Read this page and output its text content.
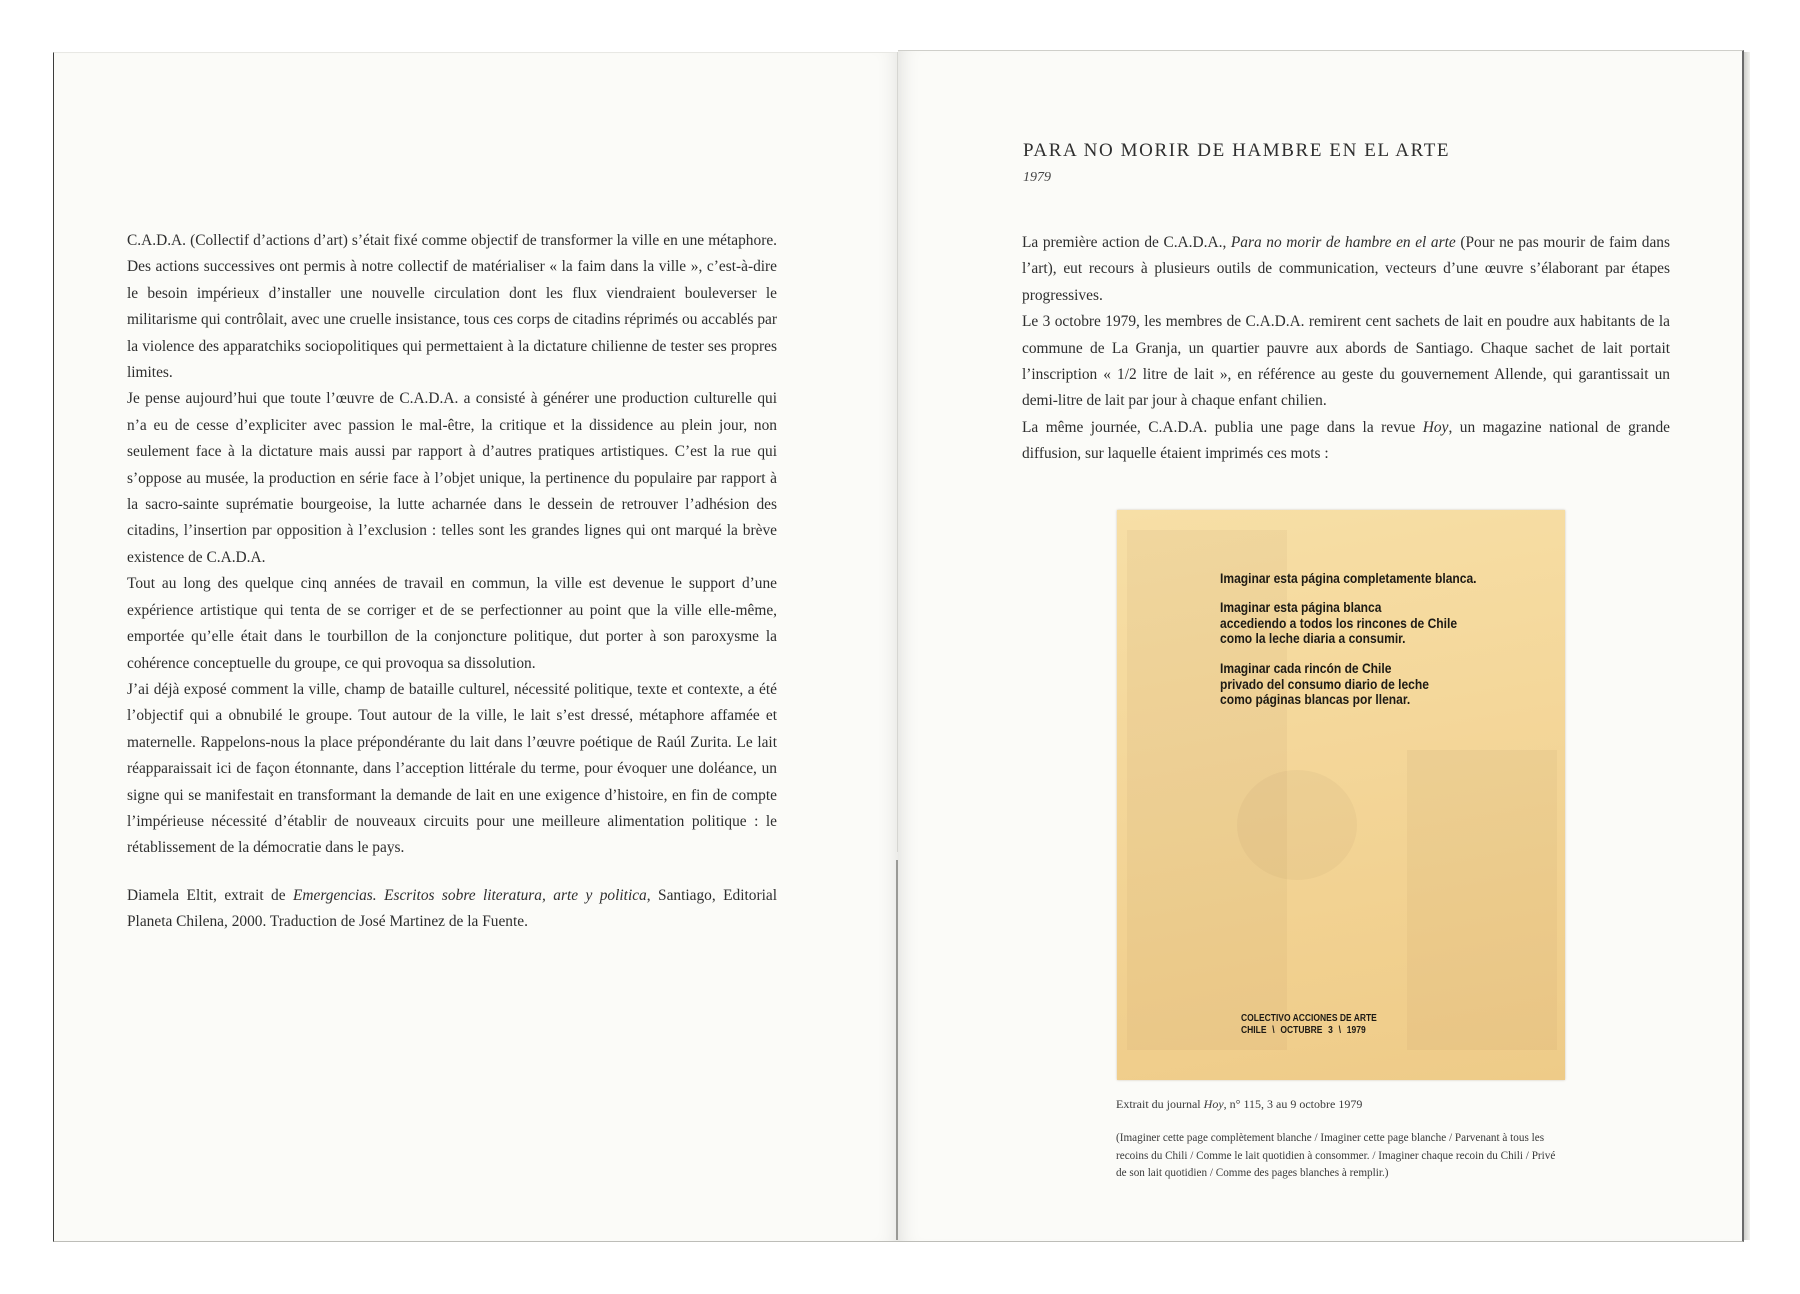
C.A.D.A. (Collectif d’actions d’art) s’était fixé comme objectif de transformer la ville en une métaphore. Des actions successives ont permis à notre collectif de matérialiser « la faim dans la ville », c’est-à-dire le besoin impérieux d’installer une nouvelle circulation dont les flux viendraient bouleverser le militarisme qui contrôlait, avec une cruelle insistance, tous ces corps de citadins réprimés ou accablés par la violence des apparatchiks sociopolitiques qui permettaient à la dictature chilienne de tester ses propres limites.

Je pense aujourd’hui que toute l’œuvre de C.A.D.A. a consisté à générer une production culturelle qui n’a eu de cesse d’expliciter avec passion le mal-être, la critique et la dissidence au plein jour, non seulement face à la dictature mais aussi par rapport à d’autres pratiques artistiques. C’est la rue qui s’oppose au musée, la production en série face à l’objet unique, la pertinence du populaire par rapport à la sacro-sainte suprématie bourgeoise, la lutte acharnée dans le dessein de retrouver l’adhésion des citadins, l’insertion par opposition à l’exclusion : telles sont les grandes lignes qui ont marqué la brève existence de C.A.D.A.

Tout au long des quelque cinq années de travail en commun, la ville est devenue le support d’une expérience artistique qui tenta de se corriger et de se perfectionner au point que la ville elle-même, emportée qu’elle était dans le tourbillon de la conjoncture politique, dut porter à son paroxysme la cohérence conceptuelle du groupe, ce qui provoqua sa dissolution.

J’ai déjà exposé comment la ville, champ de bataille culturel, nécessité politique, texte et contexte, a été l’objectif qui a obnubilé le groupe. Tout autour de la ville, le lait s’est dressé, métaphore affamée et maternelle. Rappelons-nous la place prépondérante du lait dans l’œuvre poétique de Raúl Zurita. Le lait réapparaissait ici de façon étonnante, dans l’acception littérale du terme, pour évoquer une doléance, un signe qui se manifestait en transformant la demande de lait en une exigence d’histoire, en fin de compte l’impérieuse nécessité d’établir de nouveaux circuits pour une meilleure alimentation politique : le rétablissement de la démocratie dans le pays.

Diamela Eltit, extrait de Emergencias. Escritos sobre literatura, arte y politica, Santiago, Editorial Planeta Chilena, 2000. Traduction de José Martinez de la Fuente.

PARA NO MORIR DE HAMBRE EN EL ARTE
1979

La première action de C.A.D.A., Para no morir de hambre en el arte (Pour ne pas mourir de faim dans l’art), eut recours à plusieurs outils de communication, vecteurs d’une œuvre s’élaborant par étapes progressives.

Le 3 octobre 1979, les membres de C.A.D.A. remirent cent sachets de lait en poudre aux habitants de la commune de La Granja, un quartier pauvre aux abords de Santiago. Chaque sachet de lait portait l’inscription « 1/2 litre de lait », en référence au geste du gouvernement Allende, qui garantissait un demi-litre de lait par jour à chaque enfant chilien.

La même journée, C.A.D.A. publia une page dans la revue Hoy, un magazine national de grande diffusion, sur laquelle étaient imprimés ces mots :

Imaginar esta página completamente blanca.
Imaginar esta página blanca
accediendo a todos los rincones de Chile
como la leche diaria a consumir.
Imaginar cada rincón de Chile
privado del consumo diario de leche
como páginas blancas por llenar.
COLECTIVO ACCIONES DE ARTE
CHILE \ OCTUBRE 3 \ 1979
Extrait du journal Hoy, n° 115, 3 au 9 octobre 1979
(Imaginer cette page complètement blanche / Imaginer cette page blanche / Parvenant à tous les recoins du Chili / Comme le lait quotidien à consommer. / Imaginer chaque recoin du Chili / Privé de son lait quotidien / Comme des pages blanches à remplir.)
